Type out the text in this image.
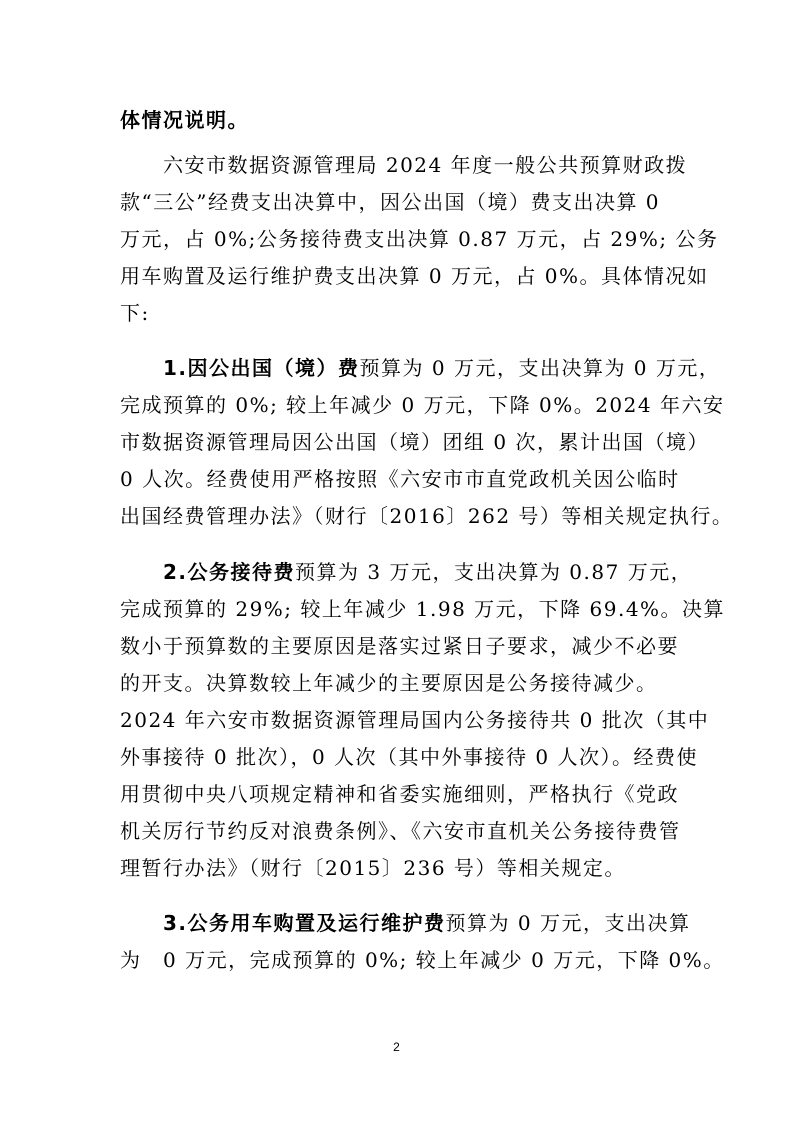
体情况说明。
　　六安市数据资源管理局 2024 年度一般公共预算财政拨
款“三公”经费支出决算中，因公出国（境）费支出决算 0
万元，占 0%;公务接待费支出决算 0.87 万元，占 29%; 公务
用车购置及运行维护费支出决算 0 万元，占 0%。具体情况如
下:
　　1.因公出国（境）费预算为 0 万元，支出决算为 0 万元，
完成预算的 0%; 较上年减少 0 万元，下降 0%。2024 年六安
市数据资源管理局因公出国（境）团组 0 次，累计出国（境）
0 人次。经费使用严格按照《六安市市直党政机关因公临时
出国经费管理办法》（财行〔2016〕262 号）等相关规定执行。
　　2.公务接待费预算为 3 万元，支出决算为 0.87 万元，
完成预算的 29%; 较上年减少 1.98 万元，下降 69.4%。决算
数小于预算数的主要原因是落实过紧日子要求，减少不必要
的开支。决算数较上年减少的主要原因是公务接待减少。
2024 年六安市数据资源管理局国内公务接待共 0 批次（其中
外事接待 0 批次），0 人次（其中外事接待 0 人次）。经费使
用贯彻中央八项规定精神和省委实施细则，严格执行《党政
机关厉行节约反对浪费条例》、《六安市直机关公务接待费管
理暂行办法》（财行〔2015〕236 号）等相关规定。
　　3.公务用车购置及运行维护费预算为 0 万元，支出决算
为　0 万元，完成预算的 0%; 较上年减少 0 万元，下降 0%。
2
